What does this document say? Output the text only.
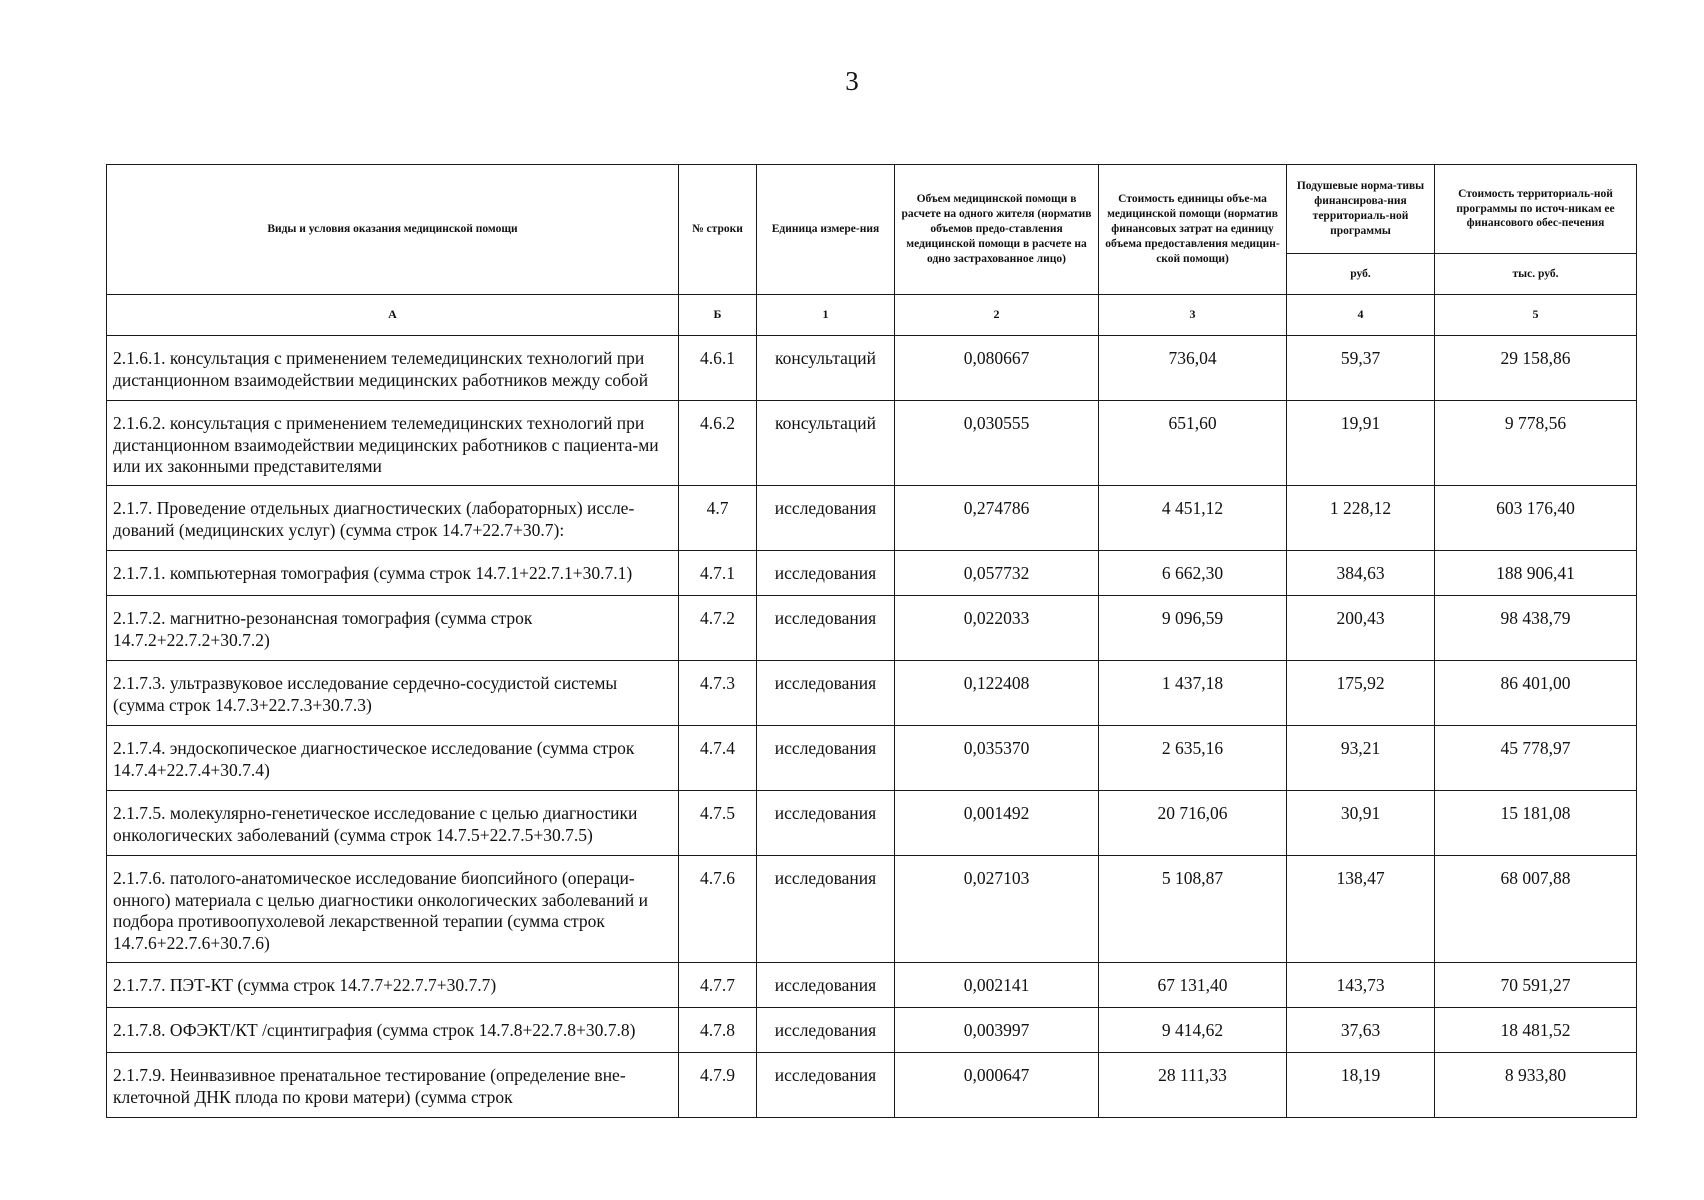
3
Виды и условия оказания медицинской помощи	№ строки	Единица измере-ния	Объем медицинской помощи в расчете на одного жителя (норматив объемов предо-ставления медицинской помощи в расчете на одно застрахованное лицо)	Стоимость единицы объе-ма медицинской помощи (норматив финансовых затрат на единицу объема предоставления медицин-ской помощи)	Подушевые норма-тивы финансирова-ния территориаль-ной программы	Стоимость территориаль-ной программы по источ-никам ее финансового обес-печения
					руб.	тыс. руб.
А	Б	1	2	3	4	5
2.1.6.1. консультация с применением телемедицинских технологий при дистанционном взаимодействии медицинских работников между собой	4.6.1	консультаций	0,080667	736,04	59,37	29 158,86
2.1.6.2. консультация с применением телемедицинских технологий при дистанционном взаимодействии медицинских работников с пациента-ми или их законными представителями	4.6.2	консультаций	0,030555	651,60	19,91	9 778,56
2.1.7. Проведение отдельных диагностических (лабораторных) иссле-дований (медицинских услуг) (сумма строк 14.7+22.7+30.7):	4.7	исследования	0,274786	4 451,12	1 228,12	603 176,40
2.1.7.1. компьютерная томография (сумма строк 14.7.1+22.7.1+30.7.1)	4.7.1	исследования	0,057732	6 662,30	384,63	188 906,41
2.1.7.2. магнитно-резонансная томография (сумма строк 14.7.2+22.7.2+30.7.2)	4.7.2	исследования	0,022033	9 096,59	200,43	98 438,79
2.1.7.3. ультразвуковое исследование сердечно-сосудистой системы (сумма строк 14.7.3+22.7.3+30.7.3)	4.7.3	исследования	0,122408	1 437,18	175,92	86 401,00
2.1.7.4. эндоскопическое диагностическое исследование (сумма строк 14.7.4+22.7.4+30.7.4)	4.7.4	исследования	0,035370	2 635,16	93,21	45 778,97
2.1.7.5. молекулярно-генетическое исследование с целью диагностики онкологических заболеваний (сумма строк 14.7.5+22.7.5+30.7.5)	4.7.5	исследования	0,001492	20 716,06	30,91	15 181,08
2.1.7.6. патолого-анатомическое исследование биопсийного (операци-онного) материала с целью диагностики онкологических заболеваний и подбора противоопухолевой лекарственной терапии (сумма строк 14.7.6+22.7.6+30.7.6)	4.7.6	исследования	0,027103	5 108,87	138,47	68 007,88
2.1.7.7. ПЭТ-КТ (сумма строк 14.7.7+22.7.7+30.7.7)	4.7.7	исследования	0,002141	67 131,40	143,73	70 591,27
2.1.7.8. ОФЭКТ/КТ /сцинтиграфия (сумма строк 14.7.8+22.7.8+30.7.8)	4.7.8	исследования	0,003997	9 414,62	37,63	18 481,52
2.1.7.9. Неинвазивное пренатальное тестирование (определение вне-клеточной ДНК плода по крови матери) (сумма строк	4.7.9	исследования	0,000647	28 111,33	18,19	8 933,80
